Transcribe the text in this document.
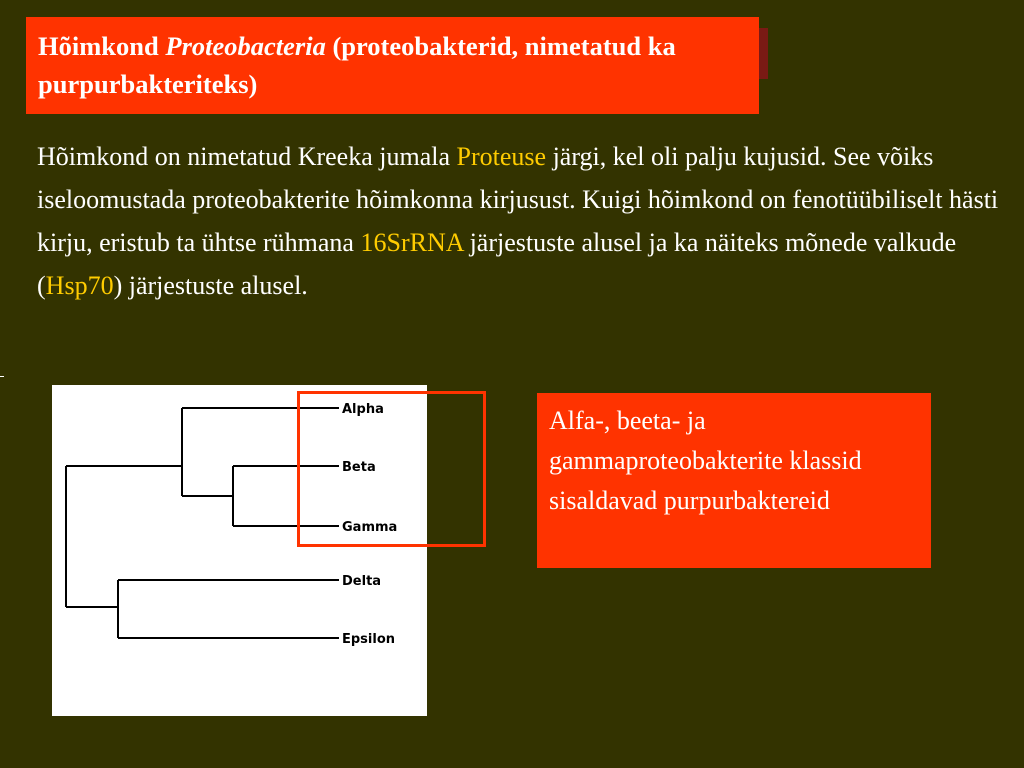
Hõimkond Proteobacteria (proteobakterid, nimetatud ka purpurbakteriteks)

Hõimkond on nimetatud Kreeka jumala Proteuse järgi, kel oli palju kujusid. See võiks iseloomustada proteobakterite hõimkonna kirjusust. Kuigi hõimkond on fenotüübiliselt hästi kirju, eristub ta ühtse rühmana 16SrRNA järjestuste alusel ja ka näiteks mõnede valkude (Hsp70) järjestuste alusel.

Alpha
Beta
Gamma
Delta
Epsilon
Alfa-, beeta- ja gammaproteobakterite klassid sisaldavad purpurbaktereid
